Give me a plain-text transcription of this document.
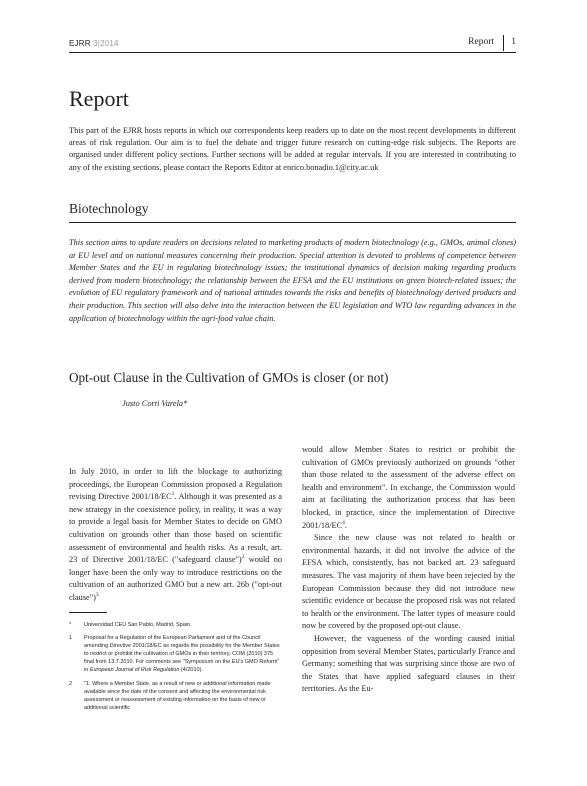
EJRR 3|2014	Report 1
Report
This part of the EJRR hosts reports in which our correspondents keep readers up to date on the most recent developments in different areas of risk regulation. Our aim is to fuel the debate and trigger future research on cutting-edge risk subjects. The Reports are organised under different policy sections. Further sections will be added at regular intervals. If you are interested in contributing to any of the existing sections, please contact the Reports Editor at enrico.bonadio.1@city.ac.uk
Biotechnology
This section aims to update readers on decisions related to marketing products of modern biotechnology (e.g., GMOs, animal clones) at EU level and on national measures concerning their production. Special attention is devoted to problems of competence between Member States and the EU in regulating biotechnology issues; the institutional dynamics of decision making regarding products derived from modern biotechnology; the relationship between the EFSA and the EU institutions on green biotech-related issues; the evolution of EU regulatory framework and of national attitudes towards the risks and benefits of biotechnology derived products and their production. This section will also delve into the interaction between the EU legislation and WTO law regarding advances in the application of biotechnology within the agri-food value chain.
Opt-out Clause in the Cultivation of GMOs is closer (or not)
Justo Corti Varela*

In July 2010, in order to lift the blockage to authorizing proceedings, the European Commission proposed a Regulation revising Directive $2001/18/EC^1$. Although it was presented as a new strategy in the coexistence policy, in reality, it was a way to provide a legal basis for Member States to decide on GMO cultivation on grounds other than those based on scientific assessment of environmental and health risks. As a result, art. 23 of Directive 2001/18/EC ("safeguard clause")$^2$ would no longer have been the only way to introduce restrictions on the cultivation of an authorized GMO but a new art. 26b ("opt-out clause")$^3$

* Universidad CEU San Pablo, Madrid, Spain.
1 Proposal for a Regulation of the European Parliament and of the Council amending Directive 2001/18/EC as regards the possibility for the Member States to restrict or prohibit the cultivation of GMOs in their territory, COM (2010) 375 final from 13.7.2010. For comments see "Symposium on the EU's GMO Reform" in European Journal of Risk Regulation (4/2010).
2 "1. Where a Member State, as a result of new or additional information made available since the date of the consent and affecting the environmental risk assessment or reassessment of existing information on the basis of new or additional scientific

would allow Member States to restrict or prohibit the cultivation of GMOs previously authorized on grounds "other than those related to the assessment of the adverse effect on health and environment". In exchange, the Commission would aim at facilitating the authorization process that has been blocked, in practice, since the implementation of Directive $2001/18/EC^4$.

Since the new clause was not related to health or environmental hazards, it did not involve the advice of the EFSA which, consistently, has not backed art. 23 safeguard measures. The vast majority of them have been rejected by the European Commission because they did not introduce new scientific evidence or because the proposed risk was not related to health or the environment. The latter types of measure could now be covered by the proposed opt-out clause.

However, the vagueness of the wording caused initial opposition from several Member States, particularly France and Germany; something that was surprising since those are two of the States that have applied safeguard clauses in their territories. As the Eu-
